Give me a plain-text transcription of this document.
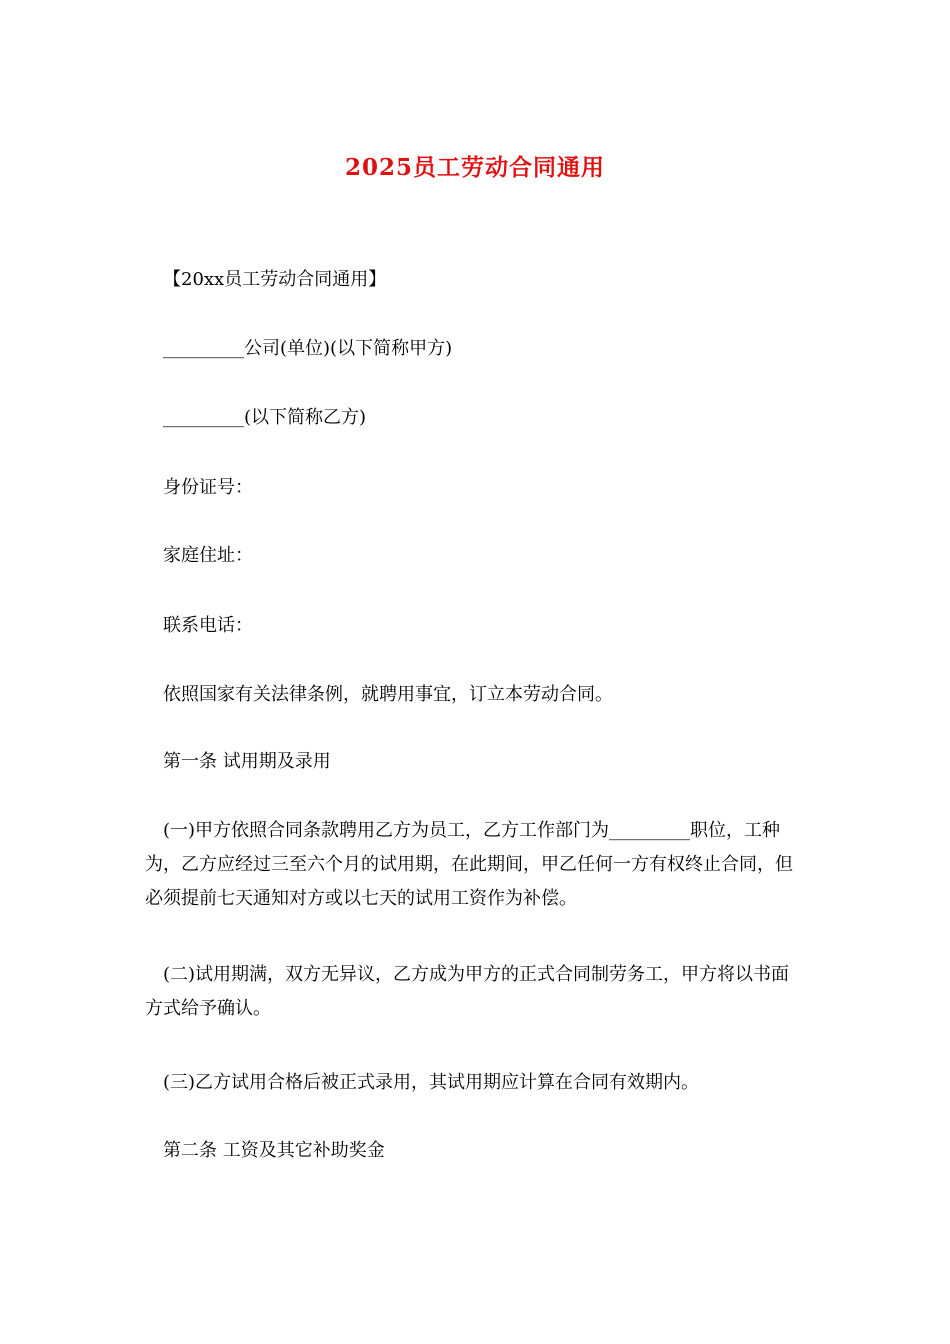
2025员工劳动合同通用
【20xx员工劳动合同通用】
_________公司(单位)(以下简称甲方)
_________(以下简称乙方)
身份证号：
家庭住址：
联系电话：
依照国家有关法律条例，就聘用事宜，订立本劳动合同。
第一条 试用期及录用
(一)甲方依照合同条款聘用乙方为员工，乙方工作部门为_________职位，工种为，乙方应经过三至六个月的试用期，在此期间，甲乙任何一方有权终止合同，但必须提前七天通知对方或以七天的试用工资作为补偿。
(二)试用期满，双方无异议，乙方成为甲方的正式合同制劳务工，甲方将以书面方式给予确认。
(三)乙方试用合格后被正式录用，其试用期应计算在合同有效期内。
第二条 工资及其它补助奖金
